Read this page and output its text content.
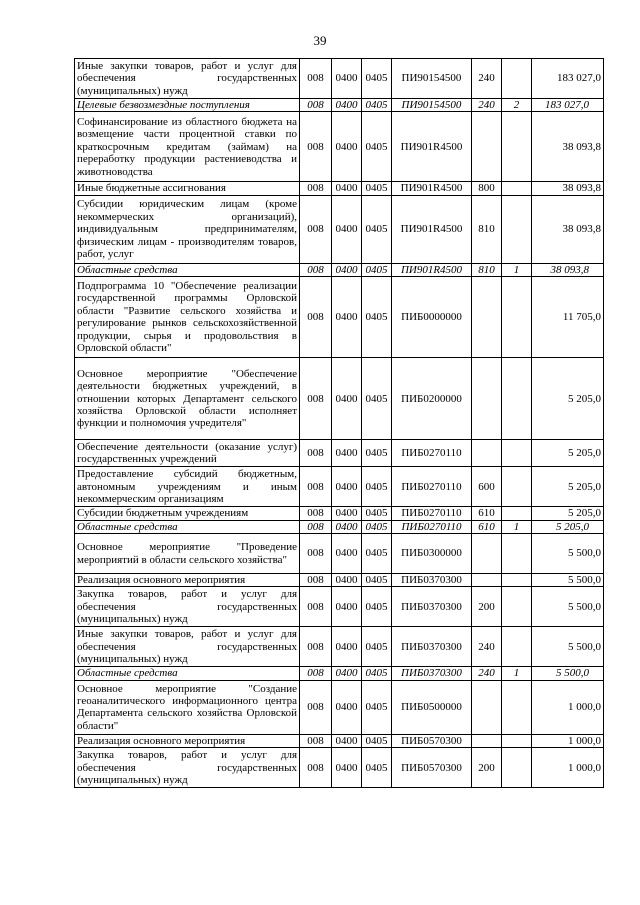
39
Иные закупки товаров, работ и услуг для обеспечения государственных (муниципальных) нужд	008	0400	0405	ПИ90154500	240		183 027,0
Целевые безвозмездные поступления	008	0400	0405	ПИ90154500	240	2	183 027,0
Софинансирование из областного бюджета на возмещение части процентной ставки по краткосрочным кредитам (займам) на переработку продукции растениеводства и животноводства	008	0400	0405	ПИ901R4500			38 093,8
Иные бюджетные ассигнования	008	0400	0405	ПИ901R4500	800		38 093,8
Субсидии юридическим лицам (кроме некоммерческих организаций), индивидуальным предпринимателям, физическим лицам - производителям товаров, работ, услуг	008	0400	0405	ПИ901R4500	810		38 093,8
Областные средства	008	0400	0405	ПИ901R4500	810	1	38 093,8
Подпрограмма 10 "Обеспечение реализации государственной программы Орловской области "Развитие сельского хозяйства и регулирование рынков сельскохозяйственной продукции, сырья и продовольствия в Орловской области"	008	0400	0405	ПИБ0000000			11 705,0
Основное мероприятие "Обеспечение деятельности бюджетных учреждений, в отношении которых Департамент сельского хозяйства Орловской области исполняет функции и полномочия учредителя"	008	0400	0405	ПИБ0200000			5 205,0
Обеспечение деятельности (оказание услуг) государственных учреждений	008	0400	0405	ПИБ0270110			5 205,0
Предоставление субсидий бюджетным, автономным учреждениям и иным некоммерческим организациям	008	0400	0405	ПИБ0270110	600		5 205,0
Субсидии бюджетным учреждениям	008	0400	0405	ПИБ0270110	610		5 205,0
Областные средства	008	0400	0405	ПИБ0270110	610	1	5 205,0
Основное мероприятие "Проведение мероприятий в области сельского хозяйства"	008	0400	0405	ПИБ0300000			5 500,0
Реализация основного мероприятия	008	0400	0405	ПИБ0370300			5 500,0
Закупка товаров, работ и услуг для обеспечения государственных (муниципальных) нужд	008	0400	0405	ПИБ0370300	200		5 500,0
Иные закупки товаров, работ и услуг для обеспечения государственных (муниципальных) нужд	008	0400	0405	ПИБ0370300	240		5 500,0
Областные средства	008	0400	0405	ПИБ0370300	240	1	5 500,0
Основное мероприятие "Создание геоаналитического информационного центра Департамента сельского хозяйства Орловской области"	008	0400	0405	ПИБ0500000			1 000,0
Реализация основного мероприятия	008	0400	0405	ПИБ0570300			1 000,0
Закупка товаров, работ и услуг для обеспечения государственных (муниципальных) нужд	008	0400	0405	ПИБ0570300	200		1 000,0
